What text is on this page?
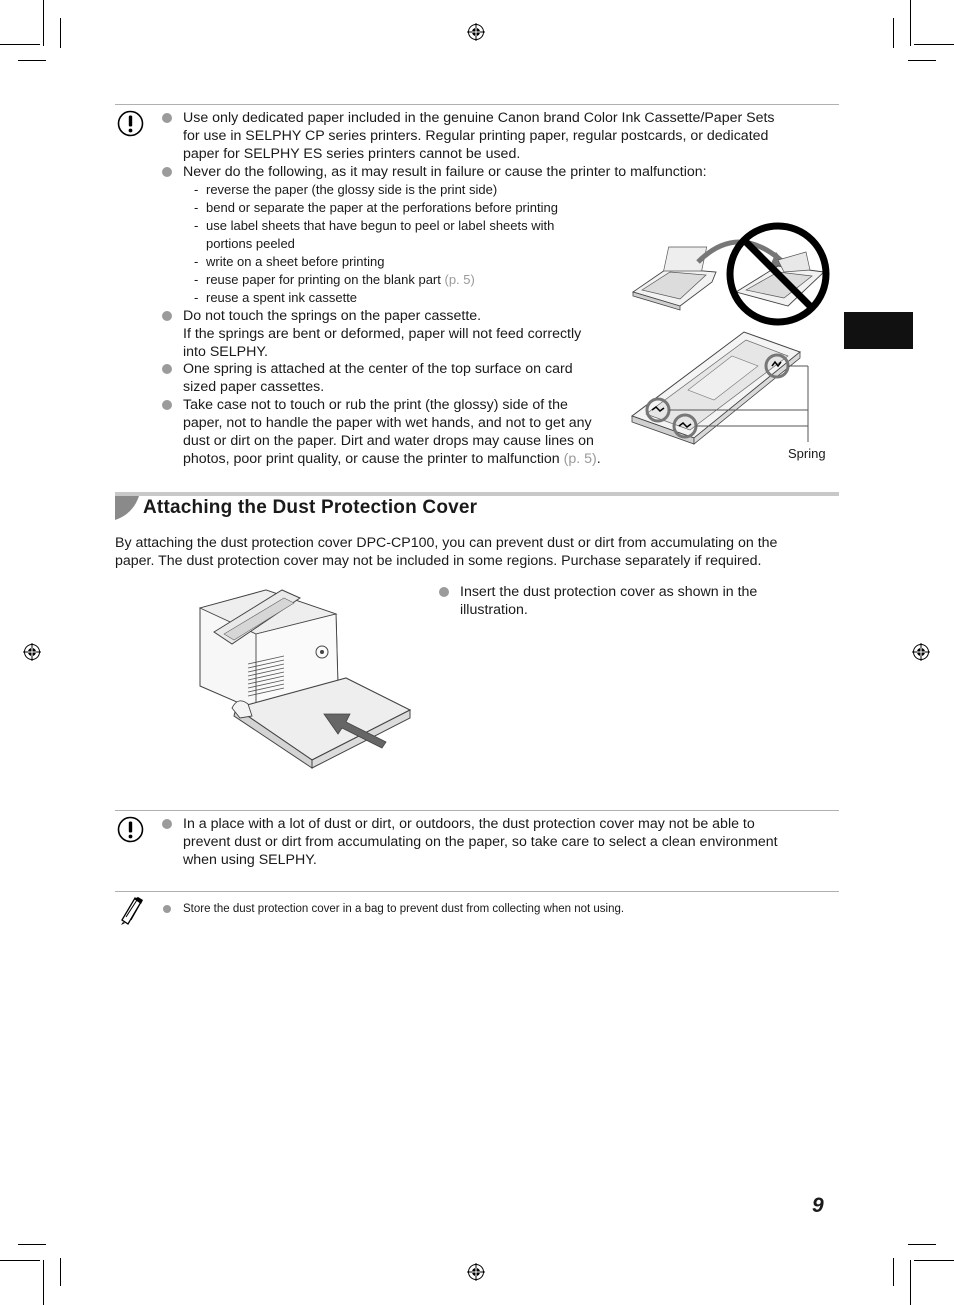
Use only dedicated paper included in the genuine Canon brand Color Ink Cassette/Paper Sets
for use in SELPHY CP series printers. Regular printing paper, regular postcards, or dedicated
paper for SELPHY ES series printers cannot be used.
Never do the following, as it may result in failure or cause the printer to malfunction:
- reverse the paper (the glossy side is the print side)
- bend or separate the paper at the perforations before printing
- use label sheets that have begun to peel or label sheets with
portions peeled
- write on a sheet before printing
- reuse paper for printing on the blank part (p. 5)
- reuse a spent ink cassette
Do not touch the springs on the paper cassette.
If the springs are bent or deformed, paper will not feed correctly
into SELPHY.
One spring is attached at the center of the top surface on card
sized paper cassettes.
Take case not to touch or rub the print (the glossy) side of the
paper, not to handle the paper with wet hands, and not to get any
dust or dirt on the paper. Dirt and water drops may cause lines on
photos, poor print quality, or cause the printer to malfunction (p. 5).	Spring
Attaching the Dust Protection Cover
By attaching the dust protection cover DPC-CP100, you can prevent dust or dirt from accumulating on the
paper. The dust protection cover may not be included in some regions. Purchase separately if required.
Insert the dust protection cover as shown in the
illustration.
In a place with a lot of dust or dirt, or outdoors, the dust protection cover may not be able to
prevent dust or dirt from accumulating on the paper, so take care to select a clean environment
when using SELPHY.
Store the dust protection cover in a bag to prevent dust from collecting when not using.
9
